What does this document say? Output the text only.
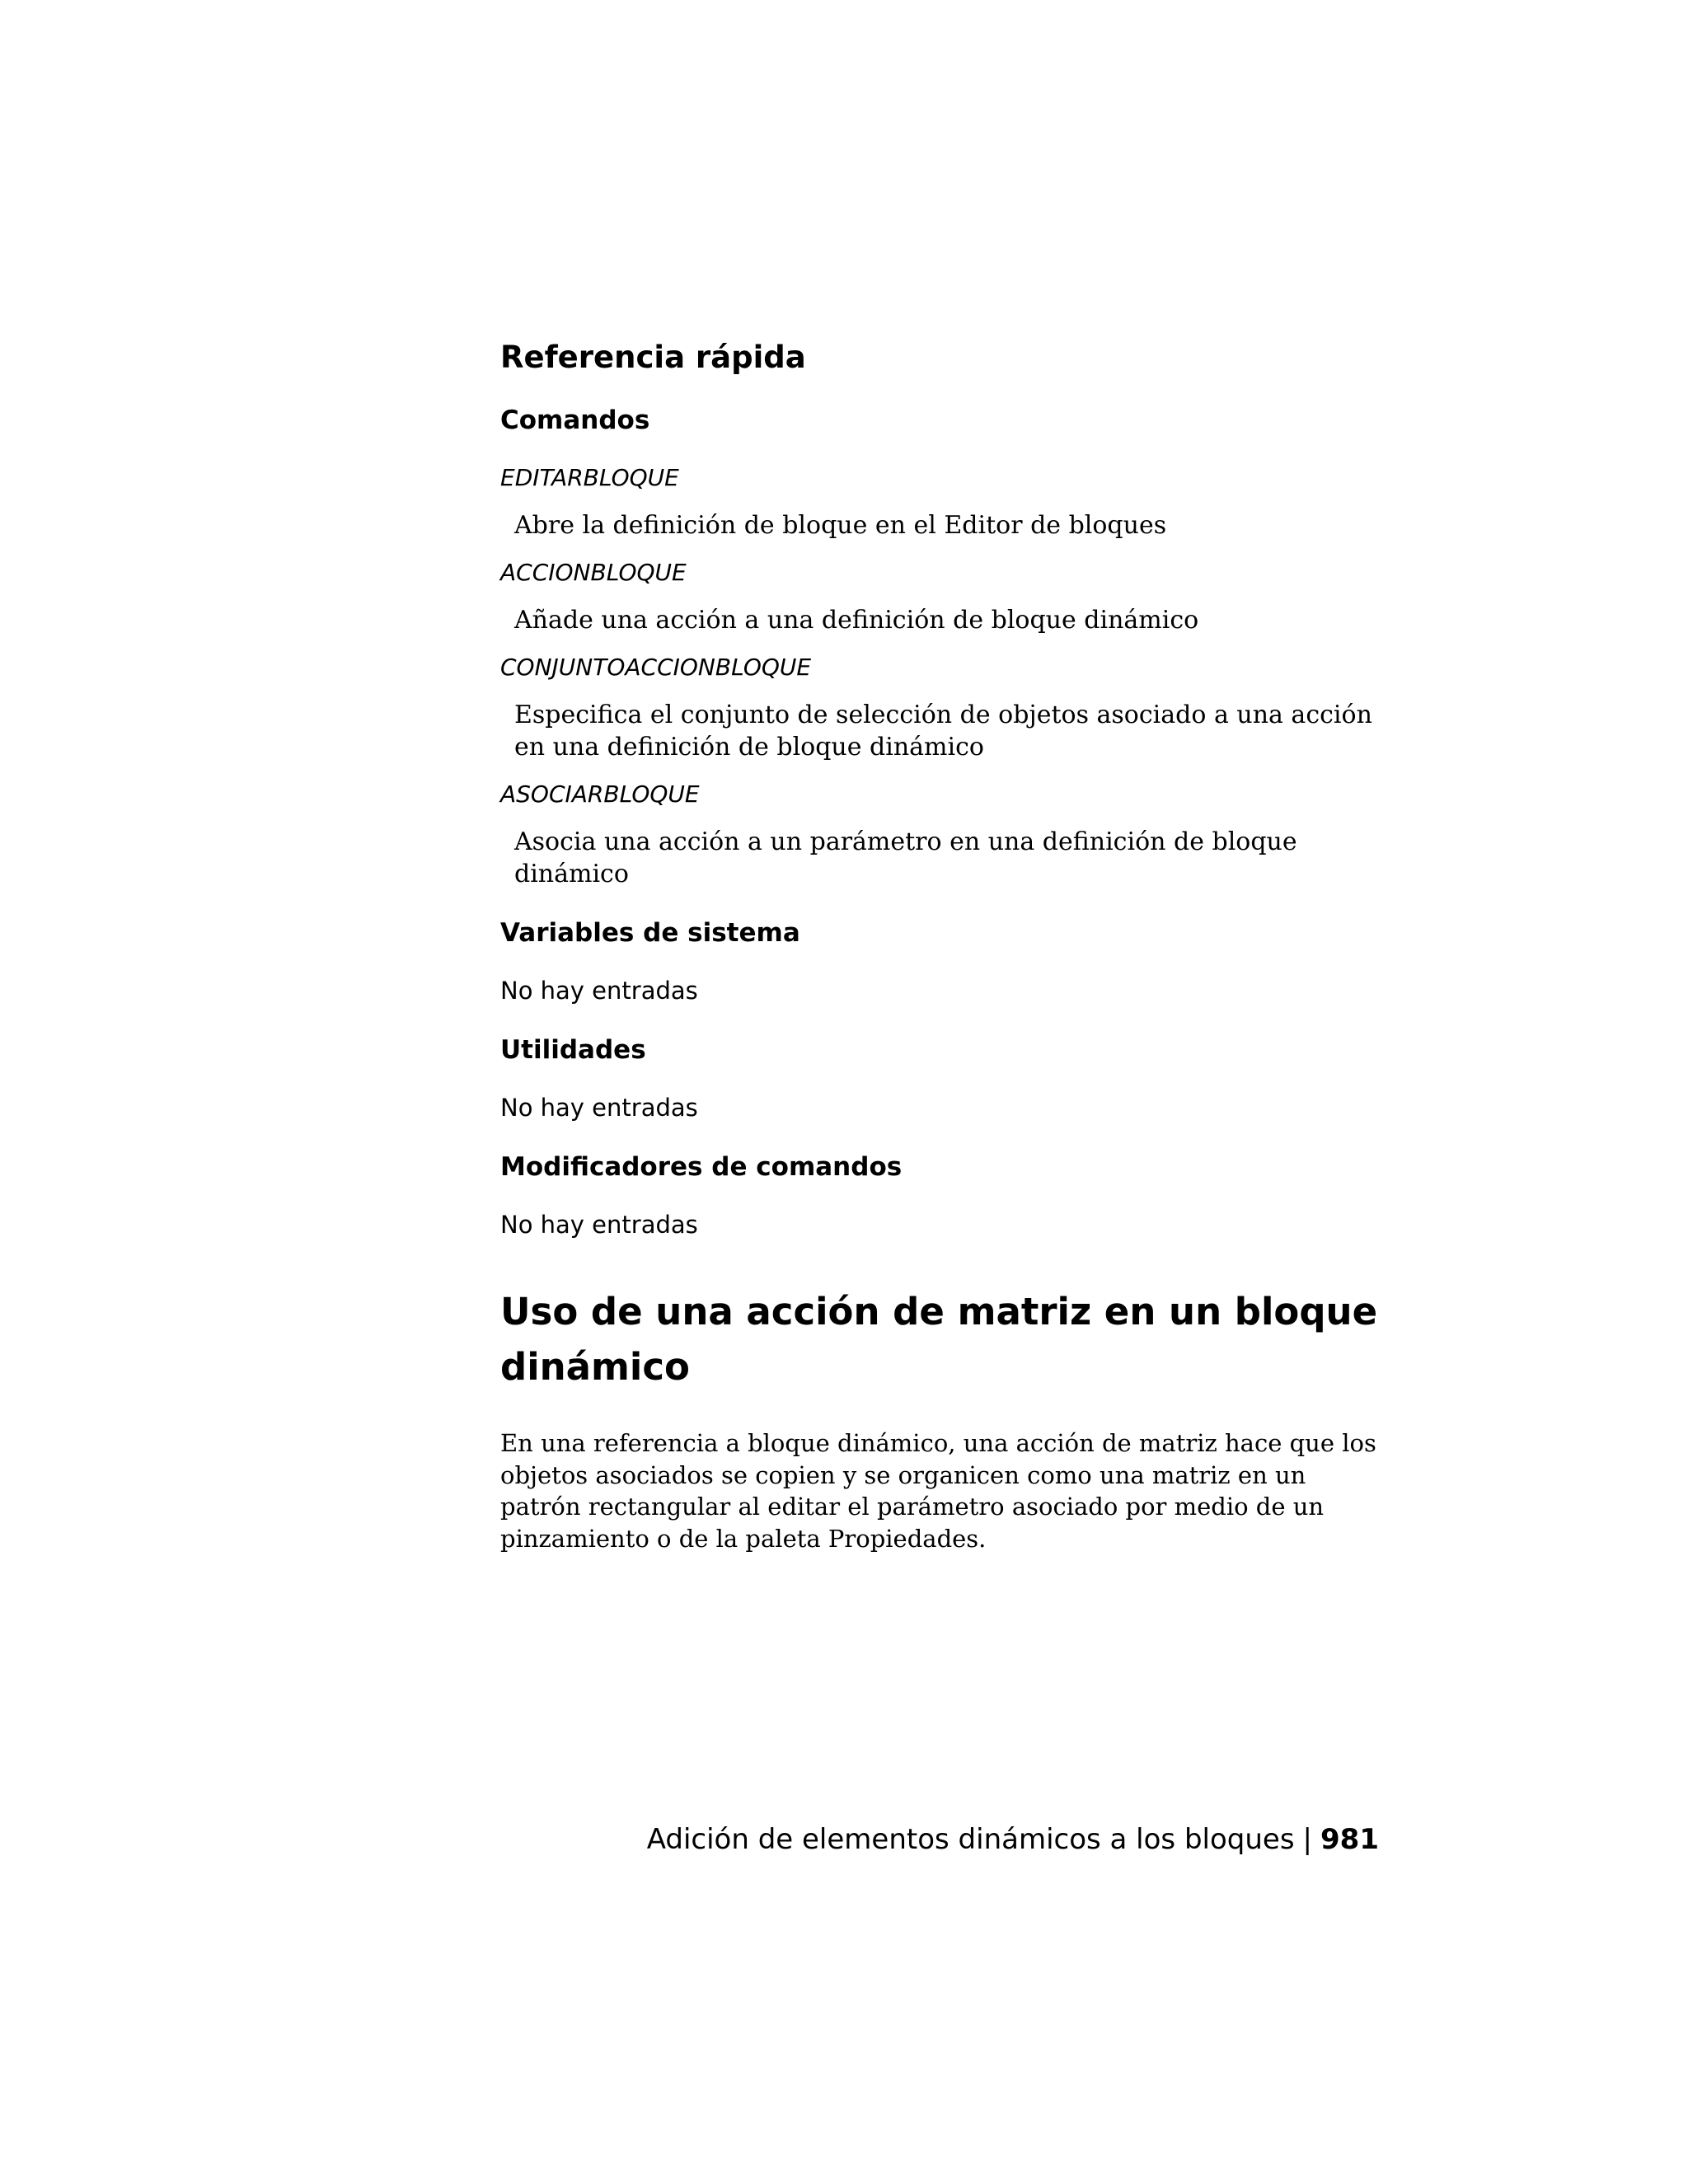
Referencia rápida
Comandos
EDITARBLOQUE
Abre la definición de bloque en el Editor de bloques
ACCIONBLOQUE
Añade una acción a una definición de bloque dinámico
CONJUNTOACCIONBLOQUE
Especifica el conjunto de selección de objetos asociado a una acción en una definición de bloque dinámico
ASOCIARBLOQUE
Asocia una acción a un parámetro en una definición de bloque dinámico
Variables de sistema
No hay entradas
Utilidades
No hay entradas
Modificadores de comandos
No hay entradas
Uso de una acción de matriz en un bloque dinámico

En una referencia a bloque dinámico, una acción de matriz hace que los objetos asociados se copien y se organicen como una matriz en un patrón rectangular al editar el parámetro asociado por medio de un pinzamiento o de la paleta Propiedades.

Adición de elementos dinámicos a los bloques | 981
